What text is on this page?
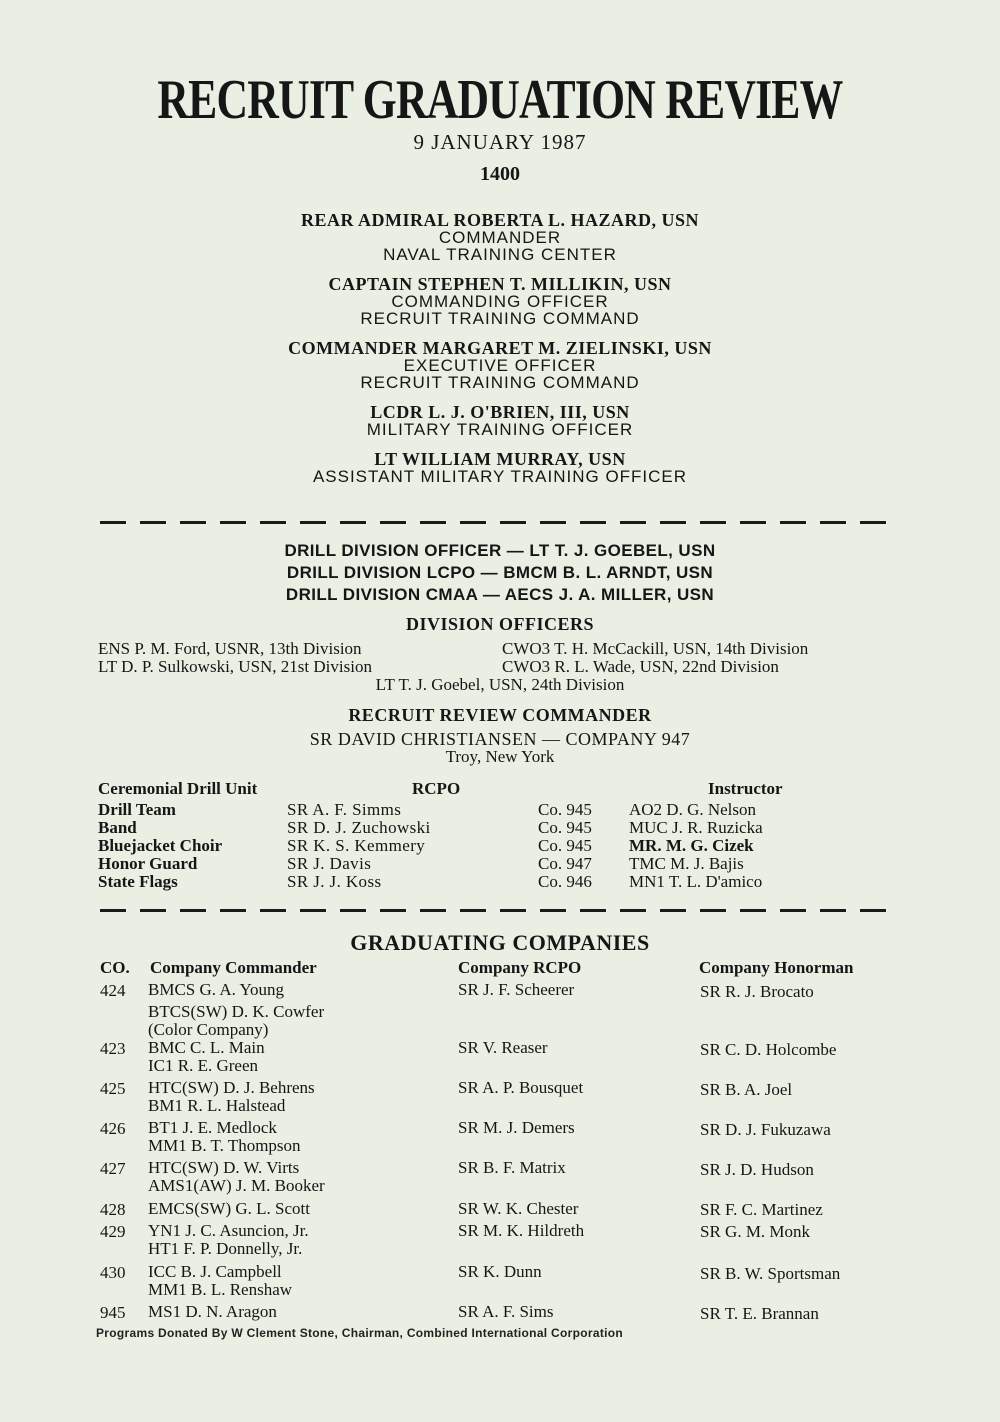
RECRUIT GRADUATION REVIEW
9 JANUARY 1987
1400
REAR ADMIRAL ROBERTA L. HAZARD, USN
COMMANDER
NAVAL TRAINING CENTER
CAPTAIN STEPHEN T. MILLIKIN, USN
COMMANDING OFFICER
RECRUIT TRAINING COMMAND
COMMANDER MARGARET M. ZIELINSKI, USN
EXECUTIVE OFFICER
RECRUIT TRAINING COMMAND
LCDR L. J. O'BRIEN, III, USN
MILITARY TRAINING OFFICER
LT WILLIAM MURRAY, USN
ASSISTANT MILITARY TRAINING OFFICER
DRILL DIVISION OFFICER — LT T. J. GOEBEL, USN
DRILL DIVISION LCPO — BMCM B. L. ARNDT, USN
DRILL DIVISION CMAA — AECS J. A. MILLER, USN
DIVISION OFFICERS
ENS P. M. Ford, USNR, 13th Division	CWO3 T. H. McCackill, USN, 14th Division
LT D. P. Sulkowski, USN, 21st Division	CWO3 R. L. Wade, USN, 22nd Division
LT T. J. Goebel, USN, 24th Division
RECRUIT REVIEW COMMANDER
SR DAVID CHRISTIANSEN — COMPANY 947
Troy, New York
Ceremonial Drill Unit	RCPO	Instructor
Drill Team	SR A. F. Simms	Co. 945 AO2 D. G. Nelson
Band	SR D. J. Zuchowski	Co. 945 MUC J. R. Ruzicka
Bluejacket Choir	SR K. S. Kemmery	Co. 945 MR. M. G. Cizek
Honor Guard	SR J. Davis	Co. 947 TMC M. J. Bajis
State Flags	SR J. J. Koss	Co. 946 MN1 T. L. D'amico
GRADUATING COMPANIES
CO. Company Commander	Company RCPO	Company Honorman
424 BMCS G. A. Young
BTCS(SW) D. K. Cowfer
(Color Company)
SR J. F. Scheerer	SR R. J. Brocato
423 BMC C. L. Main
IC1 R. E. Green
SR V. Reaser	SR C. D. Holcombe
425 HTC(SW) D. J. Behrens
BM1 R. L. Halstead
SR A. P. Bousquet	SR B. A. Joel
426 BT1 J. E. Medlock
MM1 B. T. Thompson
SR M. J. Demers	SR D. J. Fukuzawa
427 HTC(SW) D. W. Virts
AMS1(AW) J. M. Booker
SR B. F. Matrix	SR J. D. Hudson
428 EMCS(SW) G. L. Scott	SR W. K. Chester	SR F. C. Martinez
429 YN1 J. C. Asuncion, Jr.
HT1 F. P. Donnelly, Jr.
SR M. K. Hildreth	SR G. M. Monk
430 ICC B. J. Campbell
MM1 B. L. Renshaw
SR K. Dunn	SR B. W. Sportsman
945 MS1 D. N. Aragon	SR A. F. Sims	SR T. E. Brannan
Programs Donated By W Clement Stone, Chairman, Combined International Corporation
